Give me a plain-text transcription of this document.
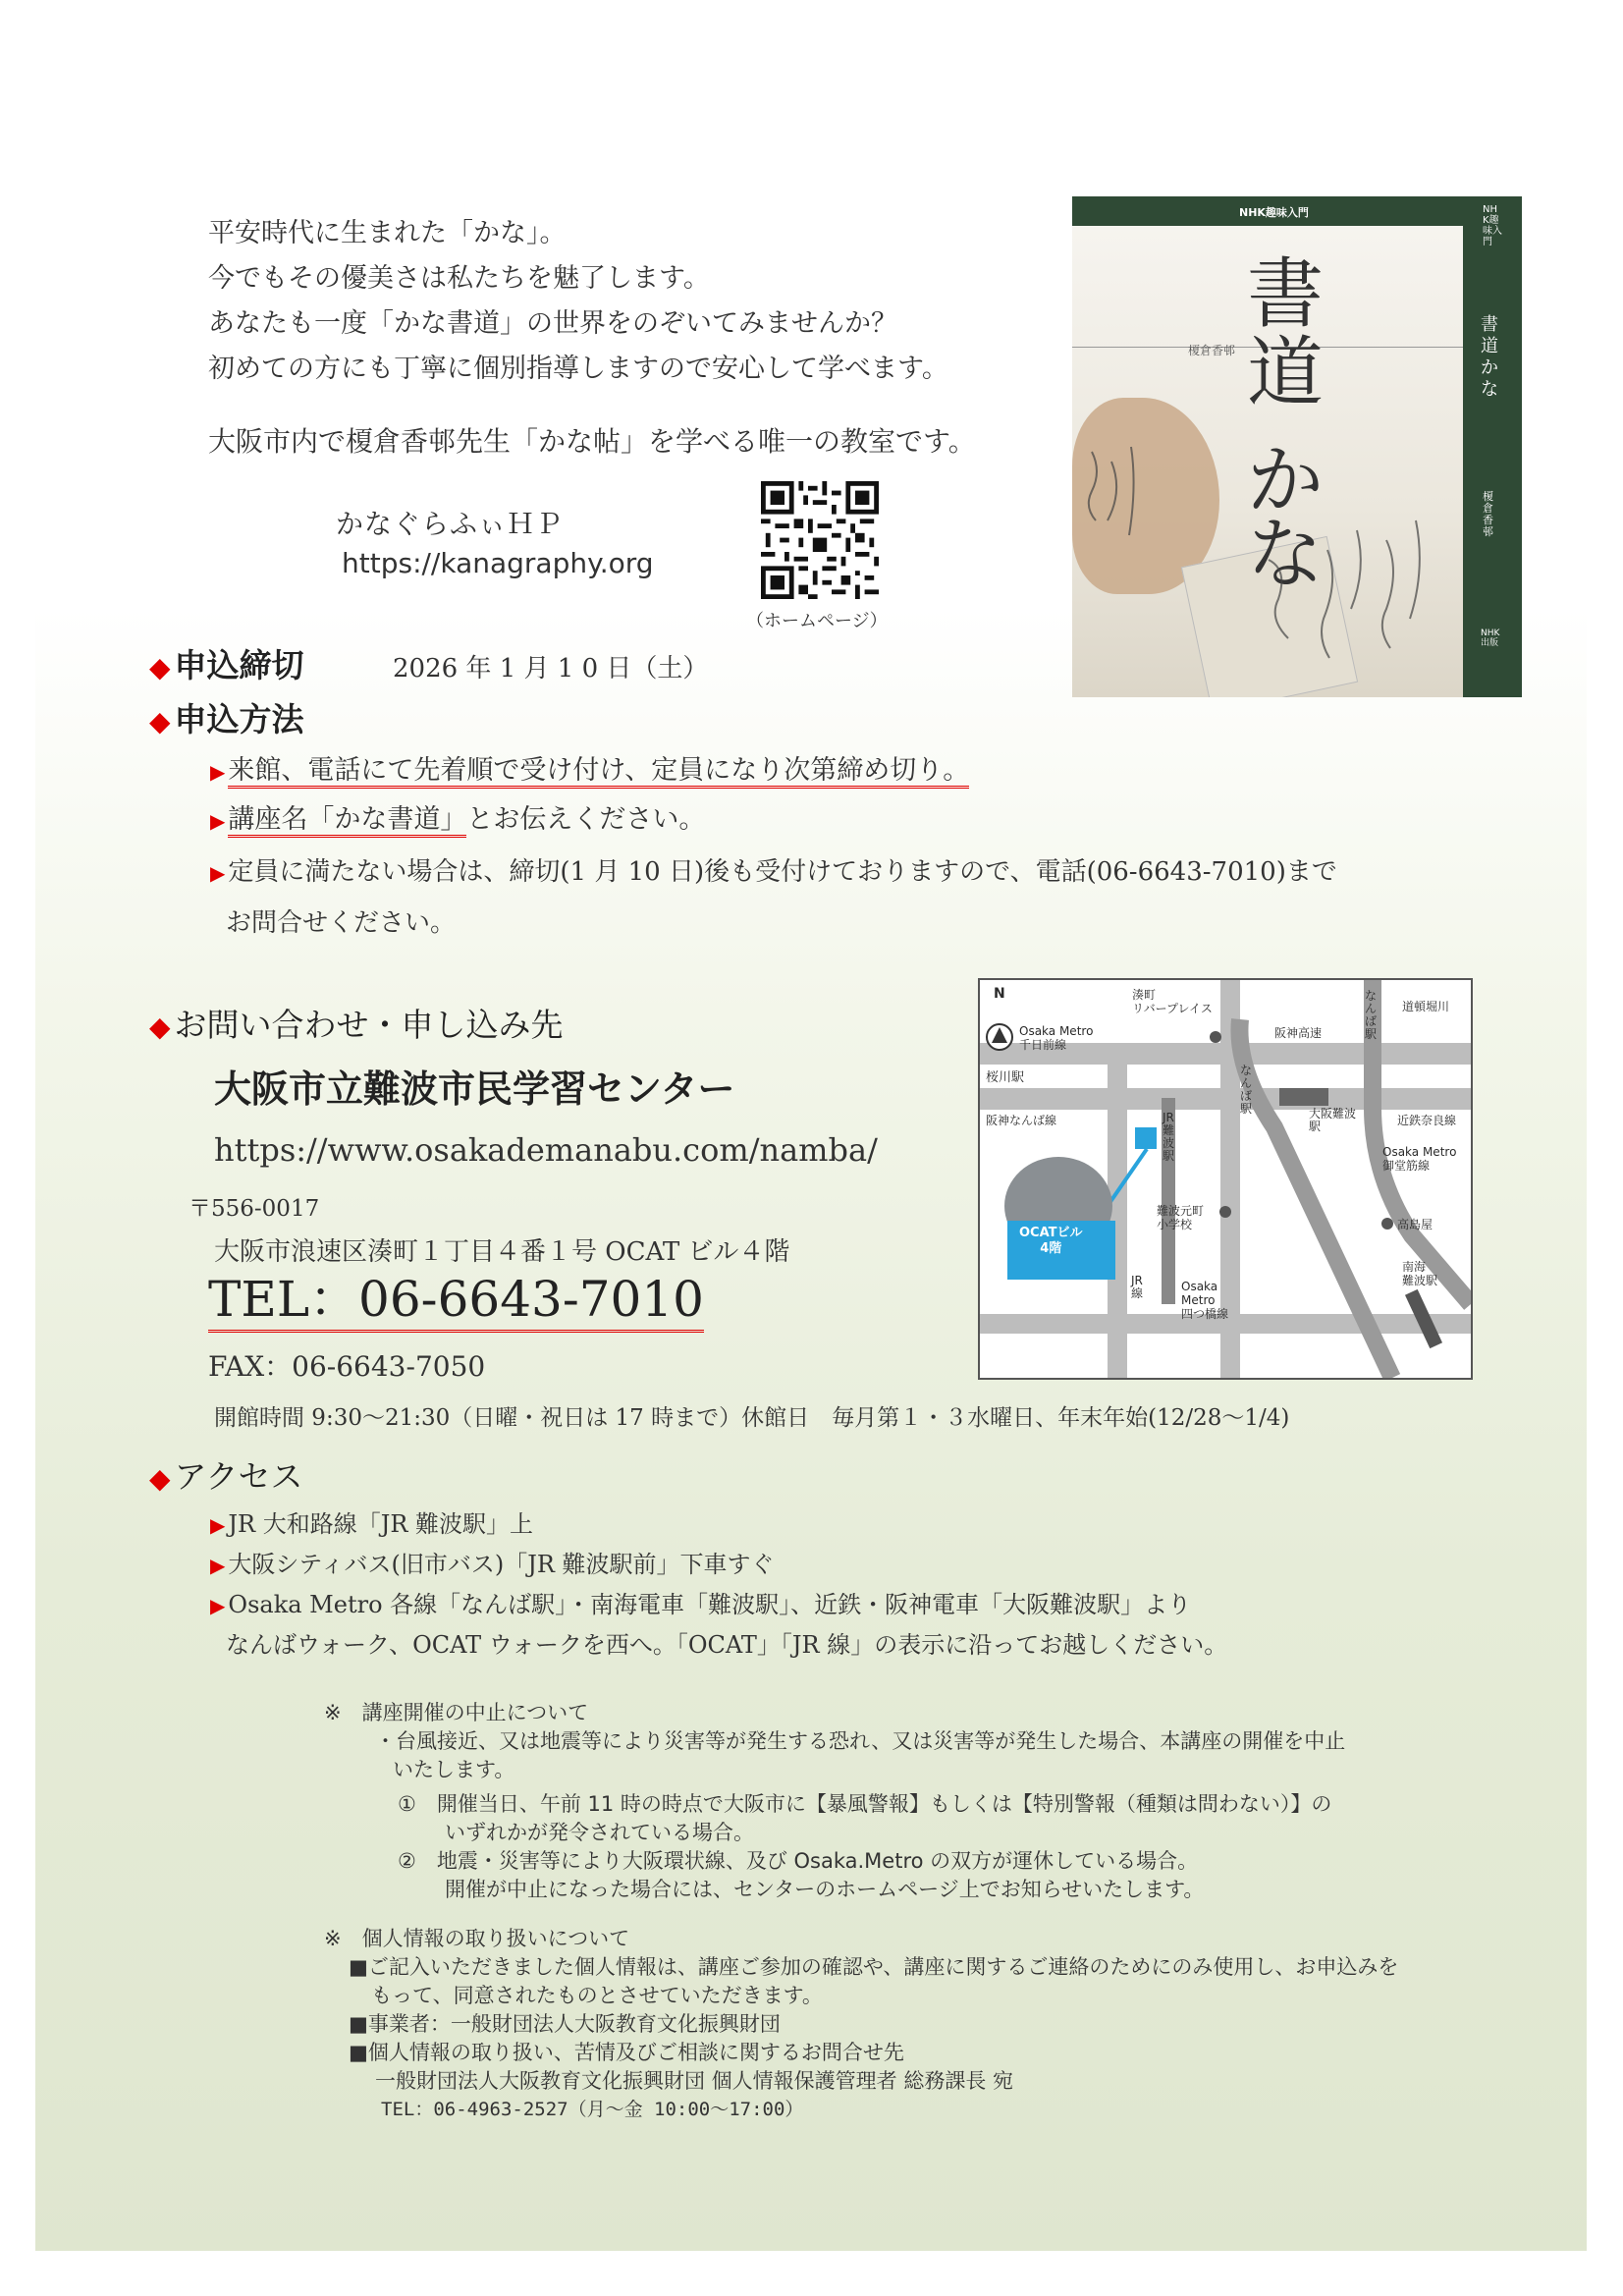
平安時代に生まれた「かな」。

今でもその優美さは私たちを魅了します。

あなたも一度「かな書道」の世界をのぞいてみませんか？

初めての方にも丁寧に個別指導しますので安心して学べます。

大阪市内で榎倉香邨先生「かな帖」を学べる唯一の教室です。
かなぐらふぃＨＰ
https://kanagraphy.org
（ホームページ）
NHK趣味入門
榎倉香邨
書
道
か
な
NHK趣味入門
書道 かな
榎倉香邨
NHK出版
◆ 申込締切	2026 年 1 月 1 0 日（土）
◆ 申込方法
▶ 来館、電話にて先着順で受け付け、定員になり次第締め切り。
▶ 講座名「かな書道」とお伝えください。
▶ 定員に満たない場合は、締切(1 月 10 日)後も受付けておりますので、電話(06-6643-7010)まで
お問合せください。
◆ お問い合わせ・申し込み先
大阪市立難波市民学習センター
https://www.osakademanabu.com/namba/
〒556-0017
大阪市浪速区湊町１丁目４番１号 OCAT ビル４階
TEL：06-6643-7010
FAX：06-6643-7050
開館時間 9:30～21:30（日曜・祝日は 17 時まで）休館日　毎月第１・３水曜日、年末年始(12/28～1/4)
N	湊町
リバープレイス
Osaka Metro
千日前線
阪神高速
道頓堀川
桜川駅	なんば駅
なんば駅
阪神なんば線	JR難波駅
大阪難波駅	近鉄奈良線
Osaka Metro
御堂筋線
高島屋
難波元町
小学校
OCATビル
4階
南海
難波駅
JR線	Osaka
Metro
四つ橋線
◆ アクセス
▶ JR 大和路線「JR 難波駅」上
▶ 大阪シティバス(旧市バス)「JR 難波駅前」下車すぐ
▶ Osaka Metro 各線「なんば駅」・南海電車「難波駅」、近鉄・阪神電車「大阪難波駅」より
なんばウォーク、OCAT ウォークを西へ。「OCAT」「JR 線」の表示に沿ってお越しください。
※　講座開催の中止について
・台風接近、又は地震等により災害等が発生する恐れ、又は災害等が発生した場合、本講座の開催を中止
いたします。
①　開催当日、午前 11 時の時点で大阪市に【暴風警報】もしくは【特別警報（種類は問わない）】の
いずれかが発令されている場合。
②　地震・災害等により大阪環状線、及び Osaka.Metro の双方が運休している場合。
開催が中止になった場合には、センターのホームページ上でお知らせいたします。
※　個人情報の取り扱いについて
■ご記入いただきました個人情報は、講座ご参加の確認や、講座に関するご連絡のためにのみ使用し、お申込みを
もって、同意されたものとさせていただきます。
■事業者：一般財団法人大阪教育文化振興財団
■個人情報の取り扱い、苦情及びご相談に関するお問合せ先
一般財団法人大阪教育文化振興財団 個人情報保護管理者 総務課長 宛
TEL：06-4963-2527（月～金 10:00～17:00）
